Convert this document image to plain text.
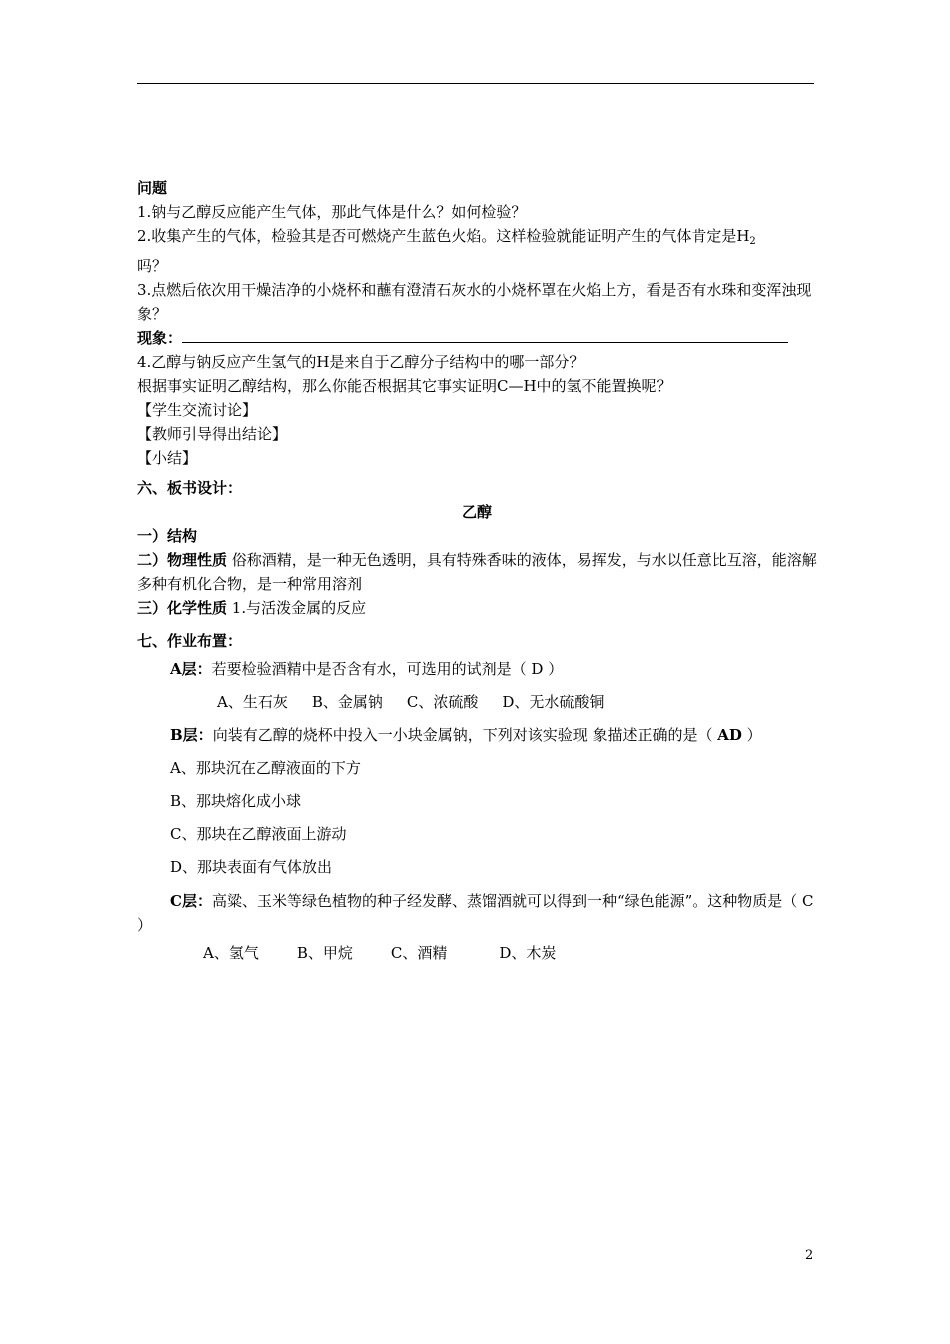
问题
1.钠与乙醇反应能产生气体，那此气体是什么？如何检验？
2.收集产生的气体，检验其是否可燃烧产生蓝色火焰。这样检验就能证明产生的气体肯定是$H_2$
吗？
3.点燃后依次用干燥洁净的小烧杯和蘸有澄清石灰水的小烧杯罩在火焰上方，看是否有水珠和变浑浊现象？
现象：
4.乙醇与钠反应产生氢气的H是来自于乙醇分子结构中的哪一部分？
根据事实证明乙醇结构，那么你能否根据其它事实证明C—H中的氢不能置换呢？
【学生交流讨论】
【教师引导得出结论】
【小结】
六、板书设计：
乙醇
一）结构
二）物理性质 俗称酒精，是一种无色透明，具有特殊香味的液体，易挥发，与水以任意比互溶，能溶解多种有机化合物，是一种常用溶剂
三）化学性质 1.与活泼金属的反应
七、作业布置：
A层：若要检验酒精中是否含有水，可选用的试剂是（ D ）
A、生石灰 B、金属钠 C、浓硫酸 D、无水硫酸铜
B层：向装有乙醇的烧杯中投入一小块金属钠，下列对该实验现 象描述正确的是（ AD ）
A、那块沉在乙醇液面的下方
B、那块熔化成小球
C、那块在乙醇液面上游动
D、那块表面有气体放出
C层：高粱、玉米等绿色植物的种子经发酵、蒸馏酒就可以得到一种“绿色能源”。这种物质是（ C ）
A、氢气	B、甲烷	C、酒精	D、木炭
2
